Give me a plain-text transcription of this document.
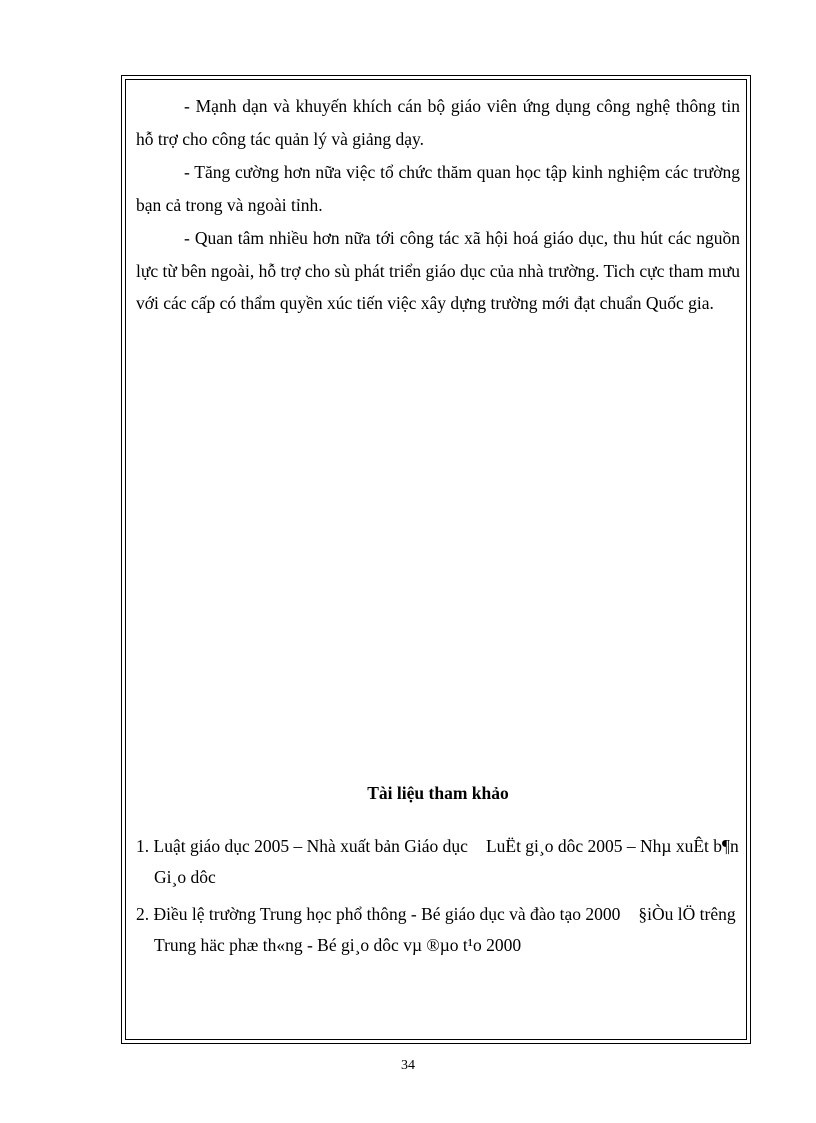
- Mạnh dạn và khuyến khích cán bộ giáo viên ứng dụng công nghệ thông tin hỗ trợ cho công tác quản lý và giảng dạy.

- Tăng cường hơn nữa việc tổ chức thăm quan học tập kinh nghiệm các trường bạn cả trong và ngoài tỉnh.

- Quan tâm nhiều hơn nữa tới công tác xã hội hoá giáo dục, thu hút các nguồn lực từ bên ngoài, hỗ trợ cho sù phát triển giáo dục của nhà trường. Tich cực tham mưu với các cấp có thẩm quyền xúc tiến việc xây dựng trường mới đạt chuẩn Quốc gia.

Tài liệu tham khảo
1. Luật giáo dục 2005 – Nhà xuất bản Giáo dục LuËt gi¸o dôc 2005 – Nhµ xuÊt b¶n Gi¸o dôc
2. Điều lệ trường Trung học phổ thông - Bé giáo dục và đào tạo 2000 §iÒu lÖ trêng Trung häc phæ th«ng - Bé gi¸o dôc vµ ®µo t¹o 2000
34
